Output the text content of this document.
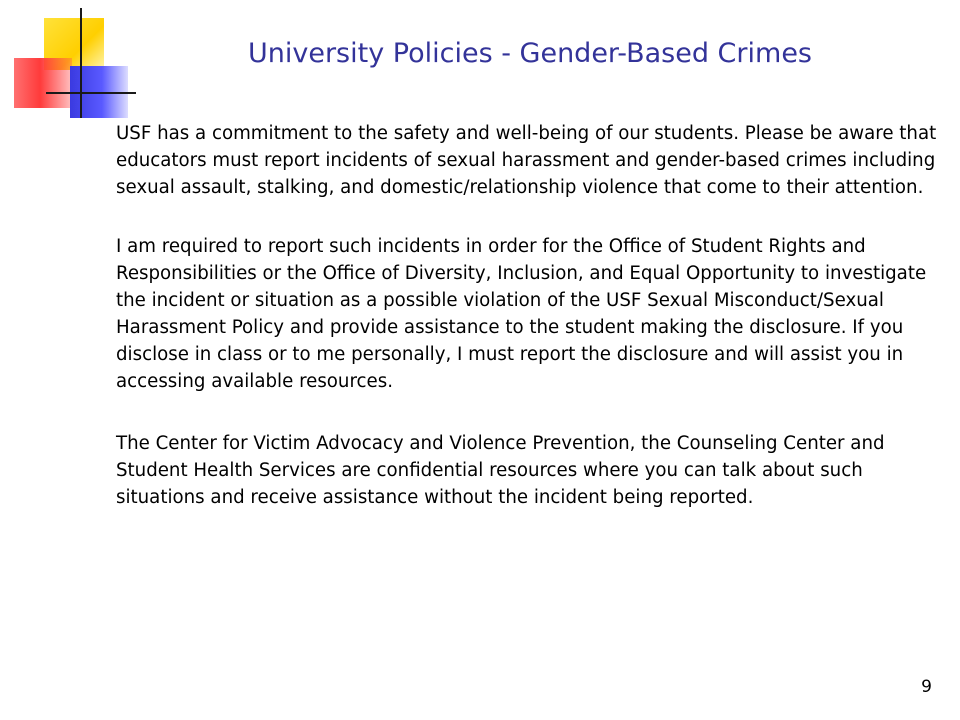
University Policies - Gender-Based Crimes

USF has a commitment to the safety and well-being of our students. Please be aware that educators must report incidents of sexual harassment and gender-based crimes including sexual assault, stalking, and domestic/relationship violence that come to their attention.

I am required to report such incidents in order for the Office of Student Rights and Responsibilities or the Office of Diversity, Inclusion, and Equal Opportunity to investigate the incident or situation as a possible violation of the USF Sexual Misconduct/Sexual Harassment Policy and provide assistance to the student making the disclosure. If you disclose in class or to me personally, I must report the disclosure and will assist you in accessing available resources.

The Center for Victim Advocacy and Violence Prevention, the Counseling Center and Student Health Services are confidential resources where you can talk about such situations and receive assistance without the incident being reported.

9
